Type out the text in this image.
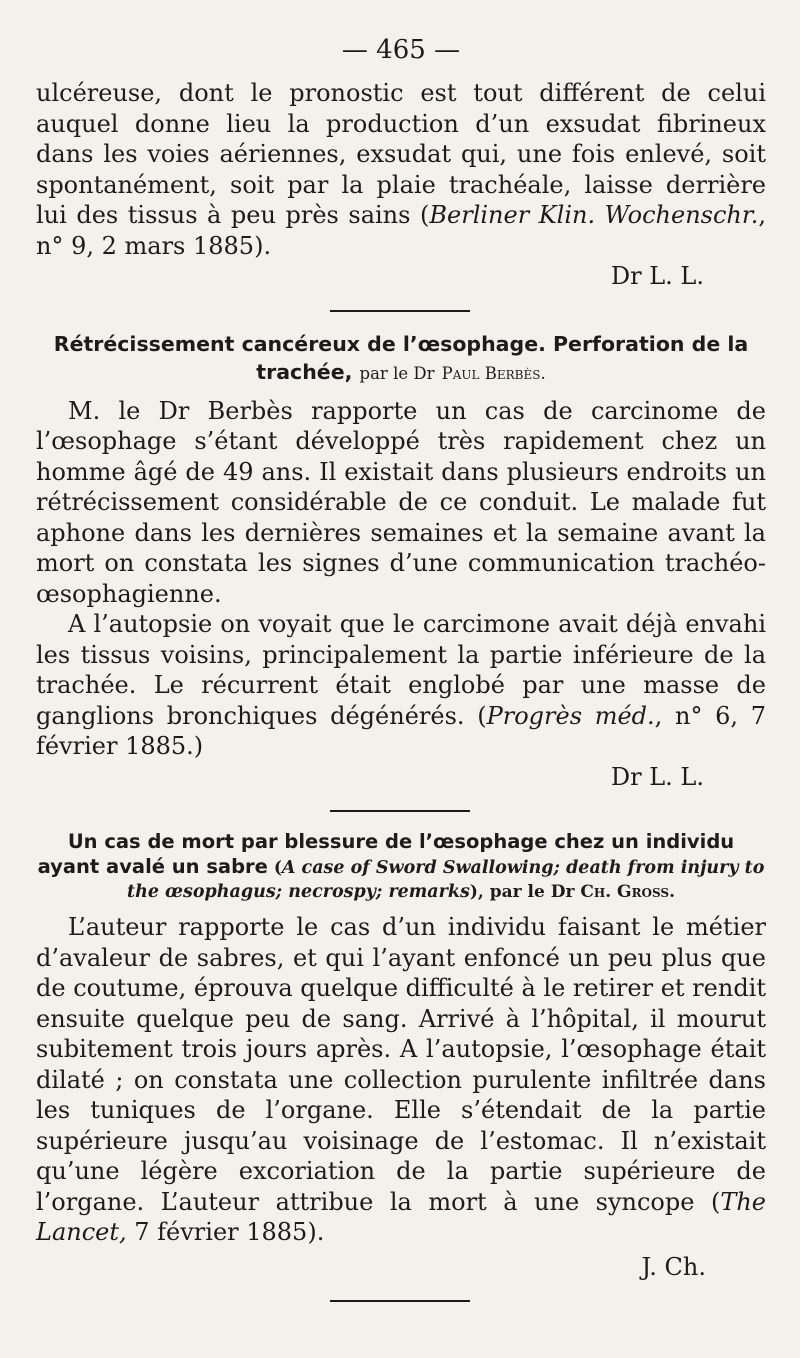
— 465 —

ulcéreuse, dont le pronostic est tout différent de celui auquel donne lieu la production d’un exsudat fibrineux dans les voies aériennes, exsudat qui, une fois enlevé, soit spontanément, soit par la plaie trachéale, laisse derrière lui des tissus à peu près sains (Berliner Klin. Wochenschr., n° 9, 2 mars 1885).

Dr L. L.
Rétrécissement cancéreux de l’œsophage. Perforation de la trachée, par le Dr Paul Berbès.

M. le Dr Berbès rapporte un cas de carcinome de l’œsophage s’étant développé très rapidement chez un homme âgé de 49 ans. Il existait dans plusieurs endroits un rétrécissement considérable de ce conduit. Le malade fut aphone dans les dernières semaines et la semaine avant la mort on constata les signes d’une communication trachéo-œsophagienne.

A l’autopsie on voyait que le carcimone avait déjà envahi les tissus voisins, principalement la partie inférieure de la trachée. Le récurrent était englobé par une masse de ganglions bronchiques dégénérés. (Progrès méd., n° 6, 7 février 1885.)

Dr L. L.
Un cas de mort par blessure de l’œsophage chez un individu ayant avalé un sabre (A case of Sword Swallowing; death from injury to the œsophagus; necrospy; remarks), par le Dr Ch. Gross.

L’auteur rapporte le cas d’un individu faisant le métier d’avaleur de sabres, et qui l’ayant enfoncé un peu plus que de coutume, éprouva quelque difficulté à le retirer et rendit ensuite quelque peu de sang. Arrivé à l’hôpital, il mourut subitement trois jours après. A l’autopsie, l’œsophage était dilaté ; on constata une collection purulente infiltrée dans les tuniques de l’organe. Elle s’étendait de la partie supérieure jusqu’au voisinage de l’estomac. Il n’existait qu’une légère excoriation de la partie supérieure de l’organe. L’auteur attribue la mort à une syncope (The Lancet, 7 février 1885).

J. Ch.
